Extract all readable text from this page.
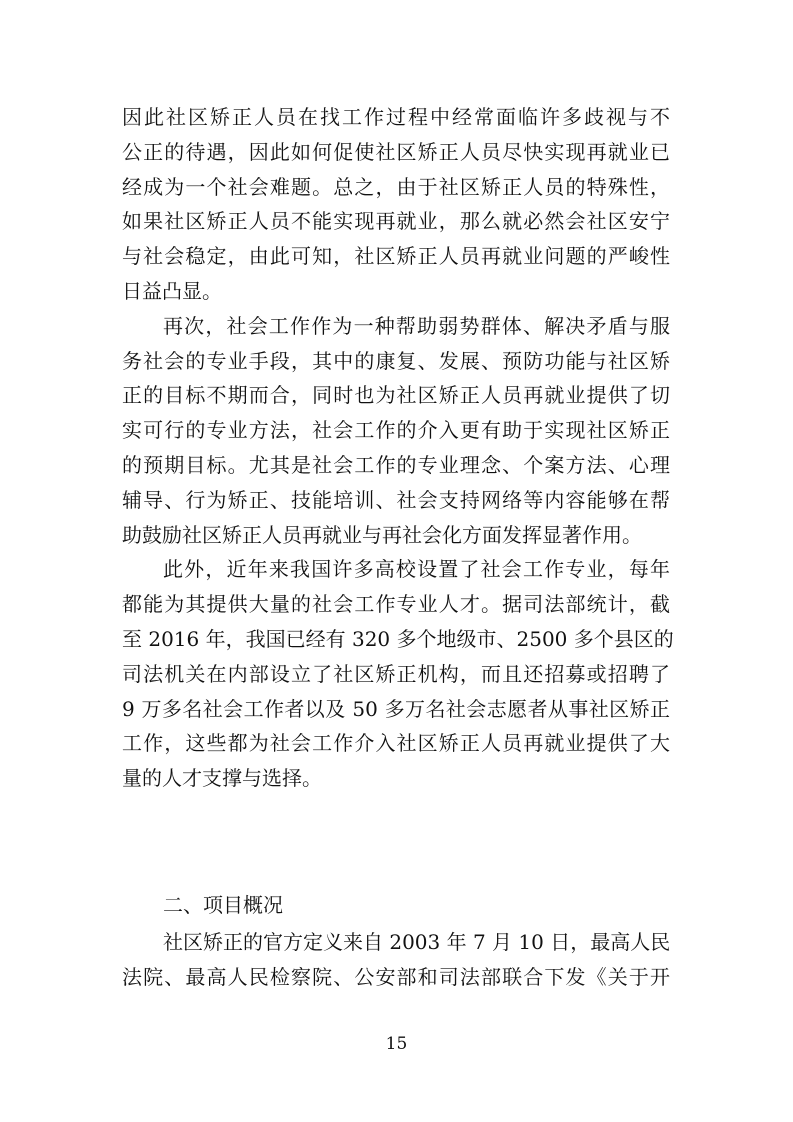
因此社区矫正人员在找工作过程中经常面临许多歧视与不
公正的待遇，因此如何促使社区矫正人员尽快实现再就业已
经成为一个社会难题。总之，由于社区矫正人员的特殊性，
如果社区矫正人员不能实现再就业，那么就必然会社区安宁
与社会稳定，由此可知，社区矫正人员再就业问题的严峻性
日益凸显。
再次，社会工作作为一种帮助弱势群体、解决矛盾与服
务社会的专业手段，其中的康复、发展、预防功能与社区矫
正的目标不期而合，同时也为社区矫正人员再就业提供了切
实可行的专业方法，社会工作的介入更有助于实现社区矫正
的预期目标。尤其是社会工作的专业理念、个案方法、心理
辅导、行为矫正、技能培训、社会支持网络等内容能够在帮
助鼓励社区矫正人员再就业与再社会化方面发挥显著作用。
此外，近年来我国许多高校设置了社会工作专业，每年
都能为其提供大量的社会工作专业人才。据司法部统计，截
至 2016 年，我国已经有 320 多个地级市、2500 多个县区的
司法机关在内部设立了社区矫正机构，而且还招募或招聘了
9 万多名社会工作者以及 50 多万名社会志愿者从事社区矫正
工作，这些都为社会工作介入社区矫正人员再就业提供了大
量的人才支撑与选择。
二、项目概况
社区矫正的官方定义来自 2003 年 7 月 10 日，最高人民
法院、最高人民检察院、公安部和司法部联合下发《关于开
15
